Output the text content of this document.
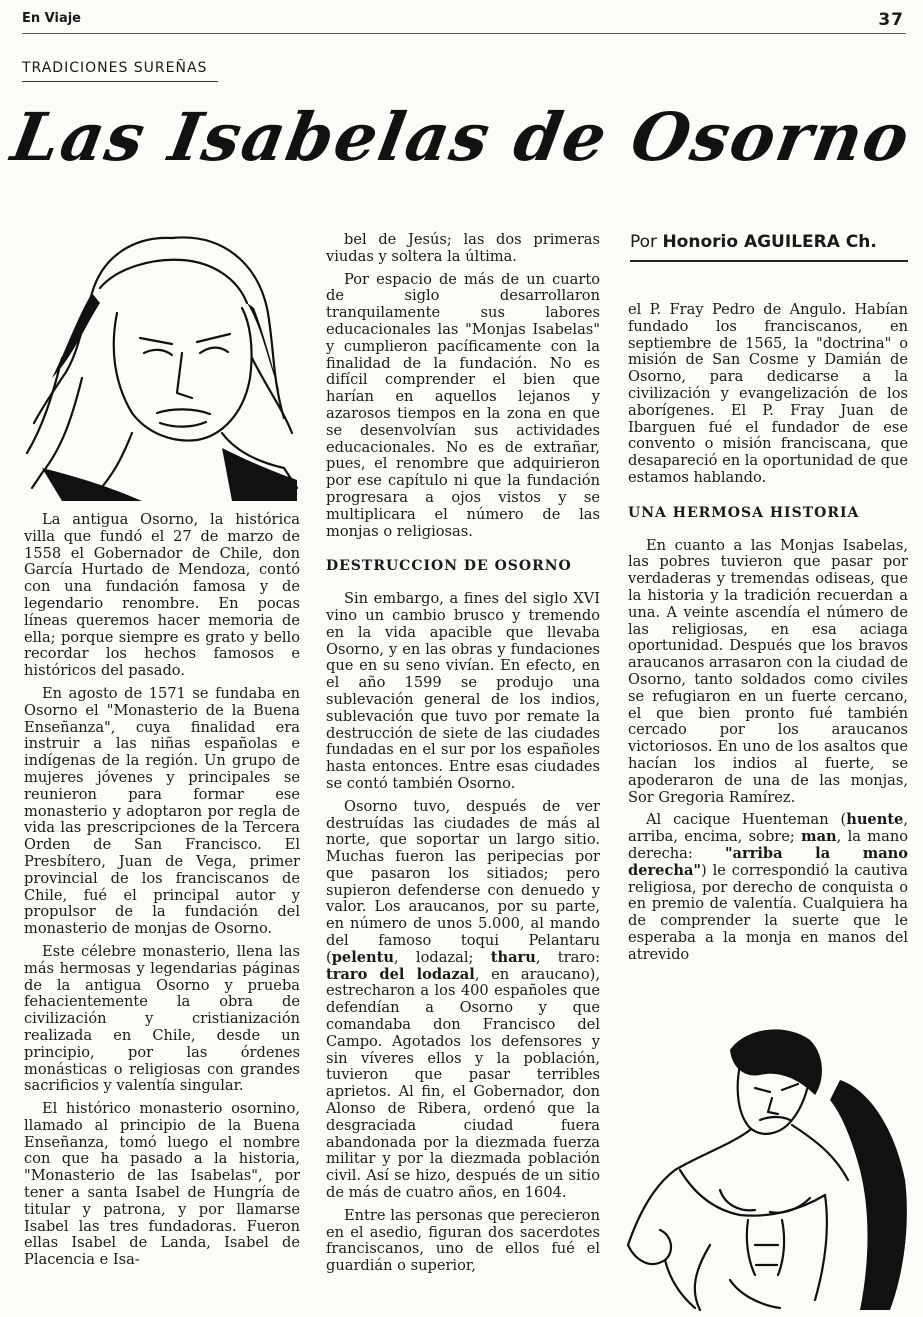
En Viaje	37
TRADICIONES SUREÑAS
Las Isabelas de Osorno
Por Honorio AGUILERA Ch.

La antigua Osorno, la histórica villa que fundó el 27 de marzo de 1558 el Gobernador de Chile, don García Hurtado de Mendoza, contó con una fundación famosa y de legendario renombre. En pocas líneas queremos hacer memoria de ella; porque siempre es grato y bello recordar los hechos famosos e históricos del pasado.

En agosto de 1571 se fundaba en Osorno el "Monasterio de la Buena Enseñanza", cuya finalidad era instruir a las niñas españolas e indígenas de la región. Un grupo de mujeres jóvenes y principales se reunieron para formar ese monasterio y adoptaron por regla de vida las prescripciones de la Tercera Orden de San Francisco. El Presbítero, Juan de Vega, primer provincial de los franciscanos de Chile, fué el principal autor y propulsor de la fundación del monasterio de monjas de Osorno.

Este célebre monasterio, llena las más hermosas y legendarias páginas de la antigua Osorno y prueba fehacientemente la obra de civilización y cristianización realizada en Chile, desde un principio, por las órdenes monásticas o religiosas con grandes sacrificios y valentía singular.

El histórico monasterio osornino, llamado al principio de la Buena Enseñanza, tomó luego el nombre con que ha pasado a la historia, "Monasterio de las Isabelas", por tener a santa Isabel de Hungría de titular y patrona, y por llamarse Isabel las tres fundadoras. Fueron ellas Isabel de Landa, Isabel de Placencia e Isa-

bel de Jesús; las dos primeras viudas y soltera la última.

Por espacio de más de un cuarto de siglo desarrollaron tranquilamente sus labores educacionales las "Monjas Isabelas" y cumplieron pacíficamente con la finalidad de la fundación. No es difícil comprender el bien que harían en aquellos lejanos y azarosos tiempos en la zona en que se desenvolvían sus actividades educacionales. No es de extrañar, pues, el renombre que adquirieron por ese capítulo ni que la fundación progresara a ojos vistos y se multiplicara el número de las monjas o religiosas.

DESTRUCCION DE OSORNO

Sin embargo, a fines del siglo XVI vino un cambio brusco y tremendo en la vida apacible que llevaba Osorno, y en las obras y fundaciones que en su seno vivían. En efecto, en el año 1599 se produjo una sublevación general de los indios, sublevación que tuvo por remate la destrucción de siete de las ciudades fundadas en el sur por los españoles hasta entonces. Entre esas ciudades se contó también Osorno.

Osorno tuvo, después de ver destruídas las ciudades de más al norte, que soportar un largo sitio. Muchas fueron las peripecias por que pasaron los sitiados; pero supieron defenderse con denuedo y valor. Los araucanos, por su parte, en número de unos 5.000, al mando del famoso toqui Pelantaru (pelentu, lodazal; tharu, traro: traro del lodazal, en araucano), estrecharon a los 400 españoles que defendían a Osorno y que comandaba don Francisco del Campo. Agotados los defensores y sin víveres ellos y la población, tuvieron que pasar terribles aprietos. Al fin, el Gobernador, don Alonso de Ribera, ordenó que la desgraciada ciudad fuera abandonada por la diezmada fuerza militar y por la diezmada población civil. Así se hizo, después de un sitio de más de cuatro años, en 1604.

Entre las personas que perecieron en el asedio, figuran dos sacerdotes franciscanos, uno de ellos fué el guardián o superior,

el P. Fray Pedro de Angulo. Habían fundado los franciscanos, en septiembre de 1565, la "doctrina" o misión de San Cosme y Damián de Osorno, para dedicarse a la civilización y evangelización de los aborígenes. El P. Fray Juan de Ibarguen fué el fundador de ese convento o misión franciscana, que desapareció en la oportunidad de que estamos hablando.

UNA HERMOSA HISTORIA

En cuanto a las Monjas Isabelas, las pobres tuvieron que pasar por verdaderas y tremendas odiseas, que la historia y la tradición recuerdan a una. A veinte ascendía el número de las religiosas, en esa aciaga oportunidad. Después que los bravos araucanos arrasaron con la ciudad de Osorno, tanto soldados como civiles se refugiaron en un fuerte cercano, el que bien pronto fué también cercado por los araucanos victoriosos. En uno de los asaltos que hacían los indios al fuerte, se apoderaron de una de las monjas, Sor Gregoria Ramírez.

Al cacique Huenteman (huente, arriba, encima, sobre; man, la mano derecha: "arriba la mano derecha") le correspondió la cautiva religiosa, por derecho de conquista o en premio de valentía. Cualquiera ha de comprender la suerte que le esperaba a la monja en manos del atrevido
